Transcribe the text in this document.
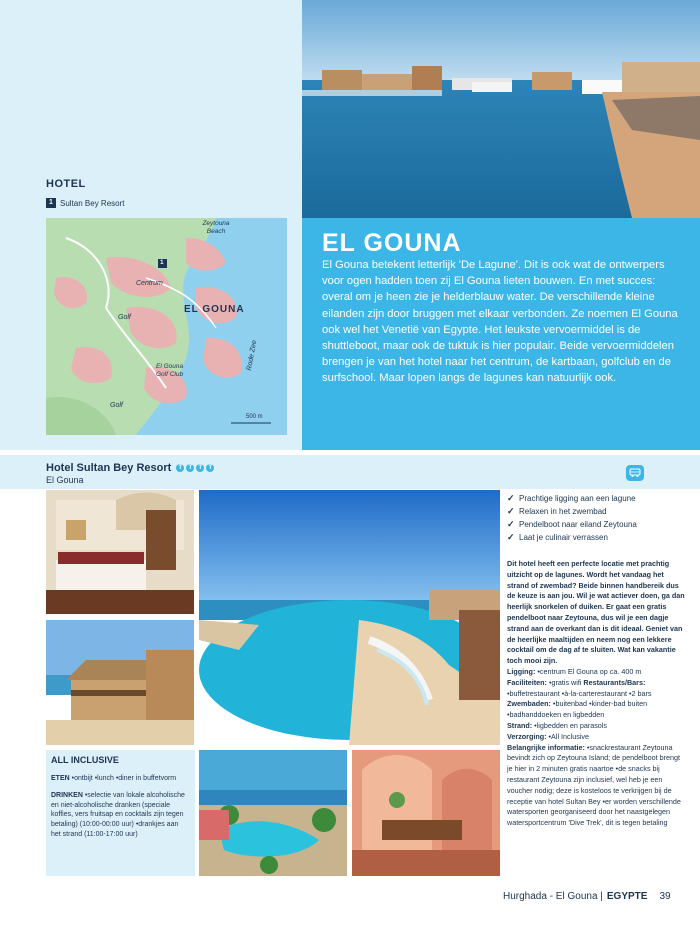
HOTEL
1 Sultan Bey Resort
Zeytouna Beach
1
Centrum
EL GOUNA
Golf
El Gouna Golf Club
Rode Zee
Golf
500 m
EL GOUNA
El Gouna betekent letterlijk 'De Lagune'. Dit is ook wat de ontwerpers voor ogen hadden toen zij El Gouna lieten bouwen. En met succes: overal om je heen zie je helderblauw water. De verschillende kleine eilanden zijn door bruggen met elkaar verbonden. Ze noemen El Gouna ook wel het Venetië van Egypte. Het leukste vervoermiddel is de shuttleboot, maar ook de tuktuk is hier populair. Beide vervoermiddelen brengen je van het hotel naar het centrum, de kartbaan, golfclub en de surfschool. Maar lopen langs de lagunes kan natuurlijk ook.
Hotel Sultan Bey Resort	T	T	T	T
El Gouna
ALL INCLUSIVE

ETEN •ontbijt •lunch •diner in buffetvorm

DRINKEN •selectie van lokale alcoholische en niet-alcoholische dranken (speciale koffies, vers fruitsap en cocktails zijn tegen betaling) (10:00-00:00 uur) •drankjes aan het strand (11:00-17:00 uur)

✓ Prachtige ligging aan een lagune
✓ Relaxen in het zwembad
✓ Pendelboot naar eiland Zeytouna
✓ Laat je culinair verrassen
Dit hotel heeft een perfecte locatie met prachtig uitzicht op de lagunes. Wordt het vandaag het strand of zwembad? Beide binnen handbereik dus de keuze is aan jou. Wil je wat actiever doen, ga dan heerlijk snorkelen of duiken. Er gaat een gratis pendelboot naar Zeytouna, dus wil je een dagje strand aan de overkant dan is dit ideaal. Geniet van de heerlijke maaltijden en neem nog een lekkere cocktail om de dag af te sluiten. Wat kan vakantie toch mooi zijn.
Ligging: •centrum El Gouna op ca. 400 m
Faciliteiten: •gratis wifi Restaurants/Bars: •buffetrestaurant •à-la-carterestaurant •2 bars Zwembaden: •buitenbad •kinder-bad buiten •badhanddoeken en ligbedden
Strand: •ligbedden en parasols
Verzorging: •All Inclusive
Belangrijke informatie: •snackrestaurant Zeytouna bevindt zich op Zeytouna Island; de pendelboot brengt je hier in 2 minuten gratis naartoe •de snacks bij restaurant Zeytouna zijn inclusief, wel heb je een voucher nodig; deze is kosteloos te verkrijgen bij de receptie van hotel Sultan Bey •er worden verschillende watersporten georganiseerd door het naastgelegen watersportcentrum 'Dive Trek', dit is tegen betaling
Hurghada - El Gouna | EGYPTE 39
